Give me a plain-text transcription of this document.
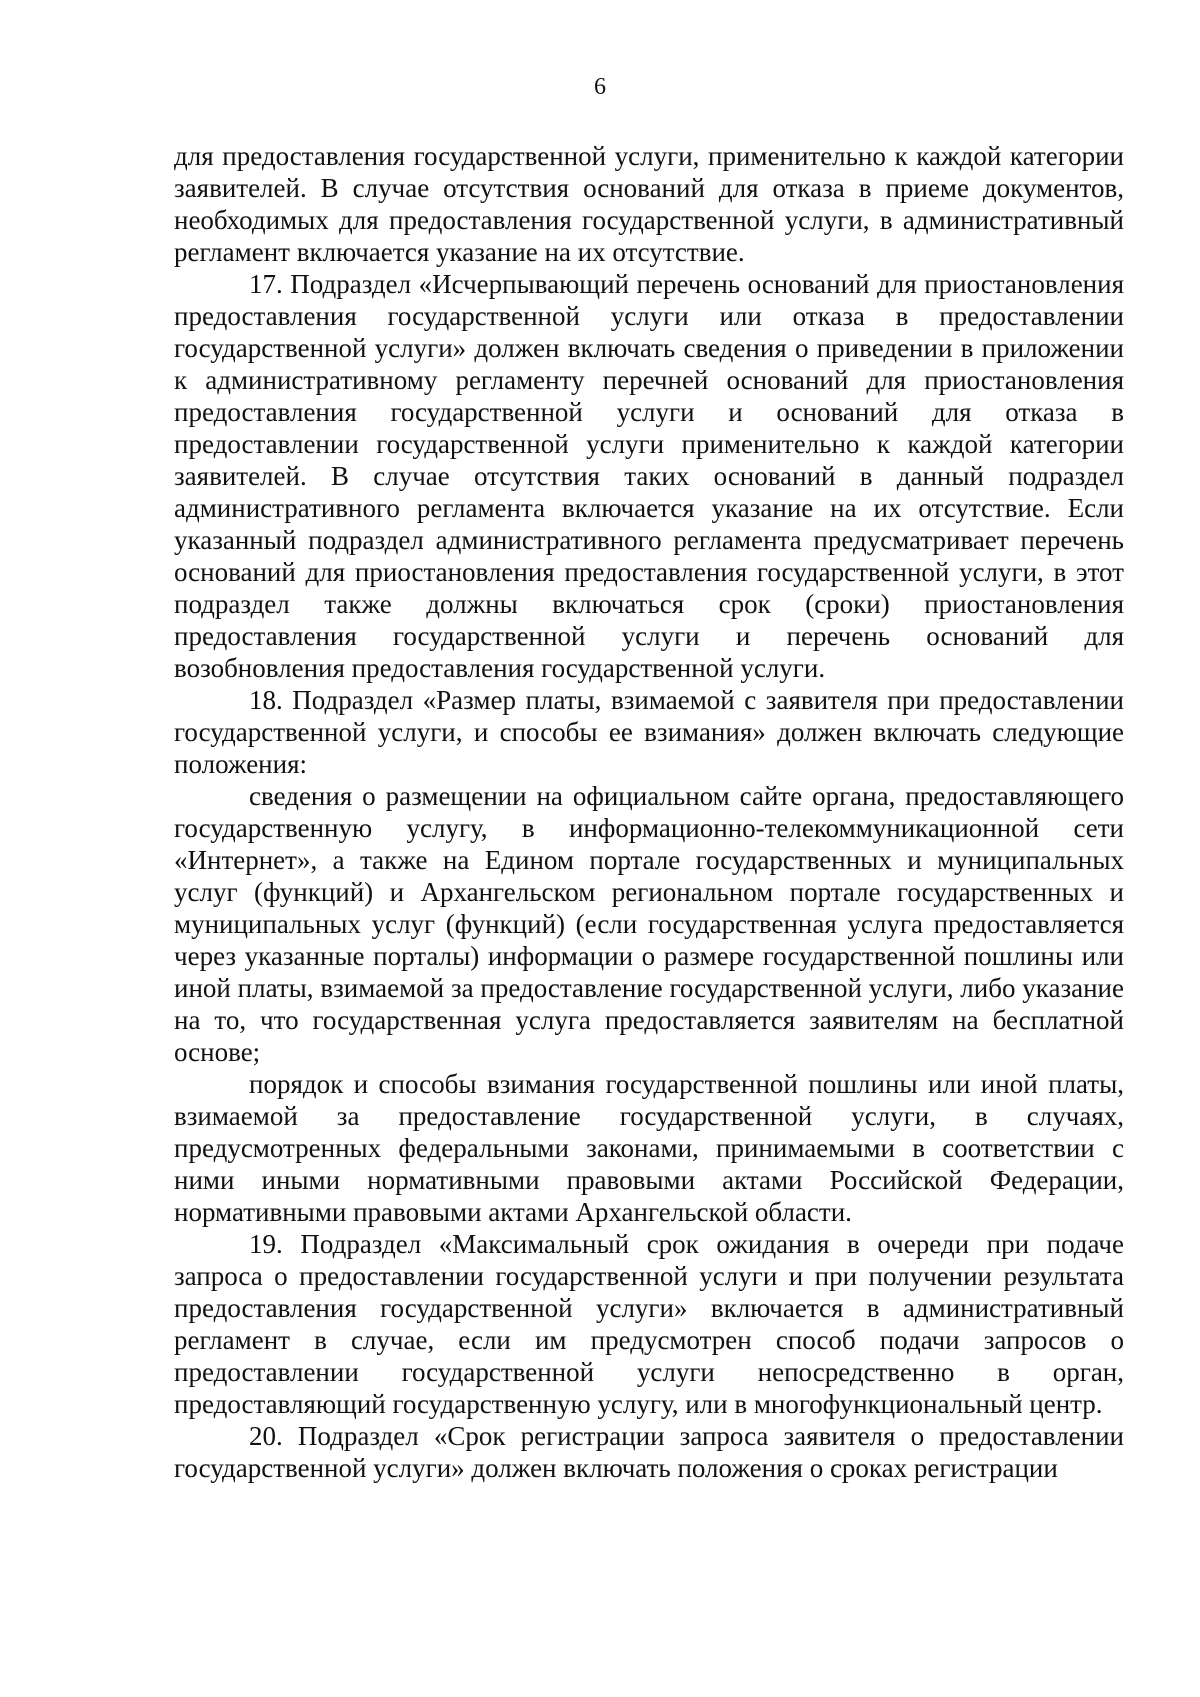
6

для предоставления государственной услуги, применительно к каждой категории заявителей. В случае отсутствия оснований для отказа в приеме документов, необходимых для предоставления государственной услуги, в административный регламент включается указание на их отсутствие.

17. Подраздел «Исчерпывающий перечень оснований для приостановления предоставления государственной услуги или отказа в предоставлении государственной услуги» должен включать сведения о приведении в приложении к административному регламенту перечней оснований для приостановления предоставления государственной услуги и оснований для отказа в предоставлении государственной услуги применительно к каждой категории заявителей. В случае отсутствия таких оснований в данный подраздел административного регламента включается указание на их отсутствие. Если указанный подраздел административного регламента предусматривает перечень оснований для приостановления предоставления государственной услуги, в этот подраздел также должны включаться срок (сроки) приостановления предоставления государственной услуги и перечень оснований для возобновления предоставления государственной услуги.

18. Подраздел «Размер платы, взимаемой с заявителя при предоставлении государственной услуги, и способы ее взимания» должен включать следующие положения:

сведения о размещении на официальном сайте органа, предоставляющего государственную услугу, в информационно-телекоммуникационной сети «Интернет», а также на Едином портале государственных и муниципальных услуг (функций) и Архангельском региональном портале государственных и муниципальных услуг (функций) (если государственная услуга предоставляется через указанные порталы) информации о размере государственной пошлины или иной платы, взимаемой за предоставление государственной услуги, либо указание на то, что государственная услуга предоставляется заявителям на бесплатной основе;

порядок и способы взимания государственной пошлины или иной платы, взимаемой за предоставление государственной услуги, в случаях, предусмотренных федеральными законами, принимаемыми в соответствии с ними иными нормативными правовыми актами Российской Федерации, нормативными правовыми актами Архангельской области.

19. Подраздел «Максимальный срок ожидания в очереди при подаче запроса о предоставлении государственной услуги и при получении результата предоставления государственной услуги» включается в административный регламент в случае, если им предусмотрен способ подачи запросов о предоставлении государственной услуги непосредственно в орган, предоставляющий государственную услугу, или в многофункциональный центр.

20. Подраздел «Срок регистрации запроса заявителя о предоставлении государственной услуги» должен включать положения о сроках регистрации
